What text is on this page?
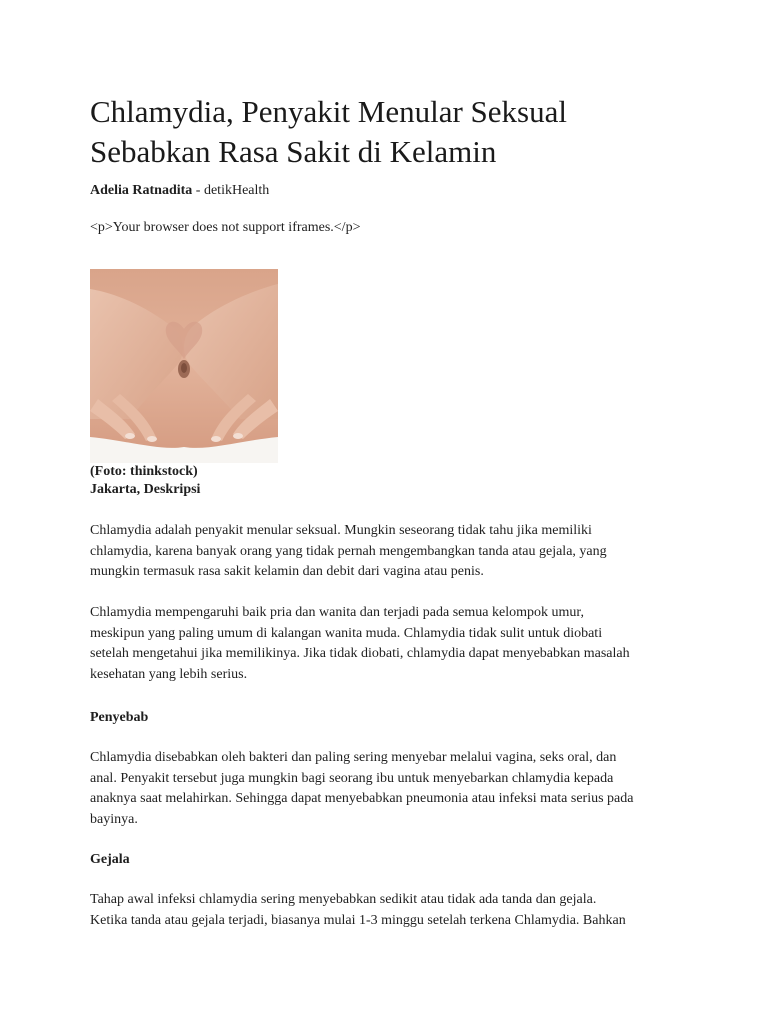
Chlamydia, Penyakit Menular Seksual Sebabkan Rasa Sakit di Kelamin
Adelia Ratnadita - detikHealth
<p>Your browser does not support iframes.</p>
(Foto: thinkstock)
Jakarta, Deskripsi

Chlamydia adalah penyakit menular seksual. Mungkin seseorang tidak tahu jika memiliki
chlamydia, karena banyak orang yang tidak pernah mengembangkan tanda atau gejala, yang
mungkin termasuk rasa sakit kelamin dan debit dari vagina atau penis.

Chlamydia mempengaruhi baik pria dan wanita dan terjadi pada semua kelompok umur,
meskipun yang paling umum di kalangan wanita muda. Chlamydia tidak sulit untuk diobati
setelah mengetahui jika memilikinya. Jika tidak diobati, chlamydia dapat menyebabkan masalah
kesehatan yang lebih serius.

Penyebab

Chlamydia disebabkan oleh bakteri dan paling sering menyebar melalui vagina, seks oral, dan
anal. Penyakit tersebut juga mungkin bagi seorang ibu untuk menyebarkan chlamydia kepada
anaknya saat melahirkan. Sehingga dapat menyebabkan pneumonia atau infeksi mata serius pada
bayinya.

Gejala

Tahap awal infeksi chlamydia sering menyebabkan sedikit atau tidak ada tanda dan gejala.
Ketika tanda atau gejala terjadi, biasanya mulai 1-3 minggu setelah terkena Chlamydia. Bahkan
